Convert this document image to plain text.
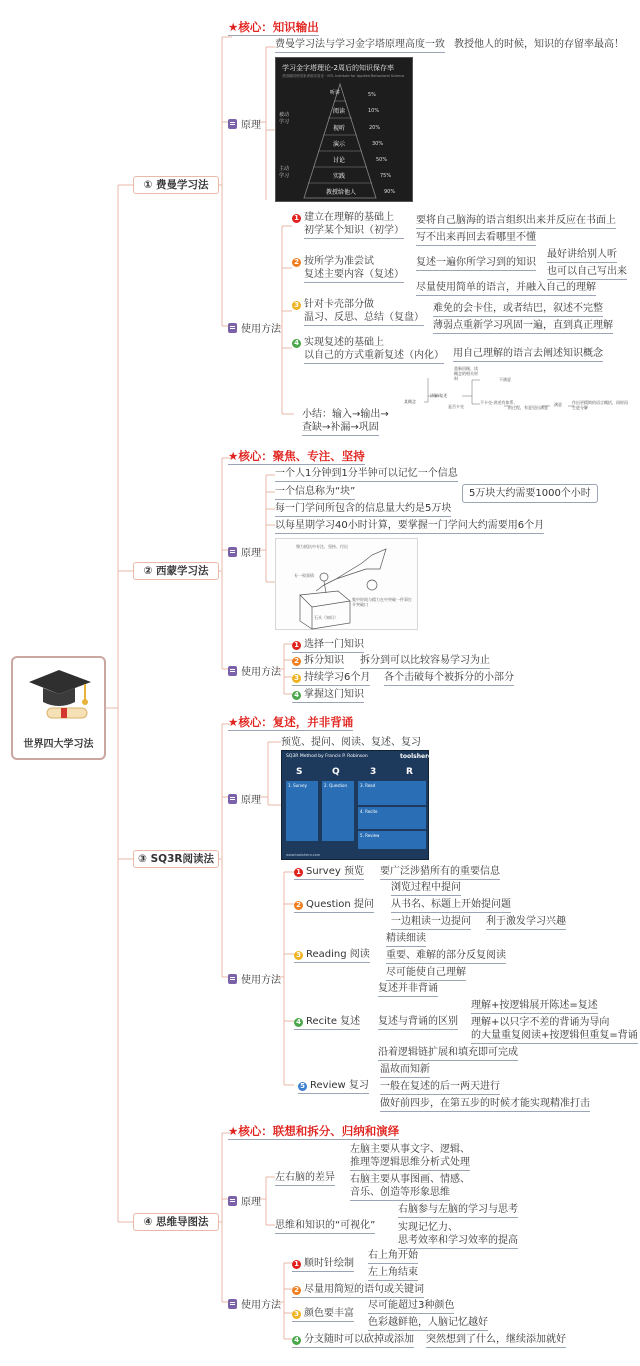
世界四大学习法
① 费曼学习法
★核心：知识输出
原理
费曼学习法与学习金字塔原理高度一致 教授他人的时候，知识的存留率最高！
学习金字塔理论-2周后的知识保存率
美国缅因州国家训练实验室 · NTL Institute for Applied Behavioral Science
被动学习
主动学习
听讲	5%
阅读	10%
视听	20%
演示	30%
讨论	50%
实践	75%
教授给他人	90%
使用方法
1 建立在理解的基础上
初学某个知识（初学）
要将自己脑海的语言组织出来并反应在书面上
写不出来再回去看哪里不懂
2 按所学为准尝试
复述主要内容（复述）
复述一遍你所学习到的知识
最好讲给别人听
也可以自己写出来
尽量使用简单的语言，并融入自己的理解
3 针对卡壳部分做
温习、反思、总结（复盘）
难免的会卡住，或者结巴，叙述不完整
薄弱点重新学习巩固一遍，直到真正理解
4 实现复述的基础上
以自己的方式重新复述（内化） 用自己理解的语言去阐述知识概念
小结：输入→输出→
查缺→补漏→巩固
某概念
讲解/复述
是否卡壳
重新回顾、读概念的相关材料	不满意
不卡壳-讲述有体系、
的过程，有意见出满意
满意	作出更精简的语言概括，同时再生进分解
② 西蒙学习法
★核心：聚焦、专注、坚持
原理
一个人1分钟到1分半钟可以记忆一个信息
一个信息称为“块”
每一门学问所包含的信息量大约是5万块
5万块大约需要1000个小时
以每星期学习40小时计算，要掌握一门学问大约需要用6个月
聚力抵抗中专注、坚持、付出
专一致事情
集中时间与精力在中突破一件事打开突破口
石头（知识）
使用方法
1 选择一门知识
2 拆分知识 拆分到可以比较容易学习为止
3 持续学习6个月 各个击破每个被拆分的小部分
4 掌握这门知识
③ SQ3R阅读法
★核心：复述，并非背诵
原理
预览、提问、阅读、复述、复习
SQ3R Method by Francis P. Robinson	toolshero
S	Q	3	R
1. Survey	2. Question	3. Read
4. Recite
5. Review
www.toolshero.com
使用方法
1 Survey 预览 要广泛涉猎所有的重要信息
2 Question 提问
浏览过程中提问
从书名、标题上开始提问题
一边粗读一边提问 利于激发学习兴趣
3 Reading 阅读
精读细读
重要、难解的部分反复阅读
尽可能使自己理解
4 Recite 复述
复述并非背诵
复述与背诵的区别
理解+按逻辑展开陈述=复述
理解+以只字不差的背诵为导向
的大量重复阅读+按逻辑但重复=背诵
沿着逻辑链扩展和填充即可完成
5 Review 复习
温故而知新
一般在复述的后一两天进行
做好前四步，在第五步的时候才能实现精准打击
④ 思维导图法
★核心：联想和拆分、归纳和演绎
原理
左右脑的差异
左脑主要从事文字、逻辑、
推理等逻辑思维分析式处理
右脑主要从事图画、情感、
音乐、创造等形象思维
思维和知识的“可视化”
右脑参与左脑的学习与思考
实现记忆力、
思考效率和学习效率的提高
使用方法
1 顺时针绘制
右上角开始
左上角结束
2 尽量用简短的语句或关键词
3 颜色要丰富
尽可能超过3种颜色
色彩越鲜艳，人脑记忆越好
4 分支随时可以砍掉或添加 突然想到了什么，继续添加就好
